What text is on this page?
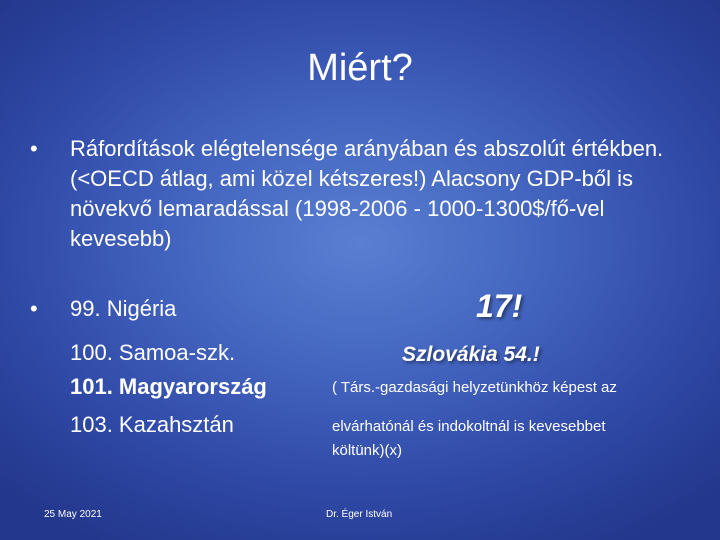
Miért?
•	Ráfordítások elégtelensége arányában és abszolút értékben. (<OECD átlag, ami közel kétszeres!) Alacsony GDP-ből is növekvő lemaradással (1998-2006 - 1000-1300$/fő-vel kevesebb)
•	99. Nigéria
100. Samoa-szk.
101. Magyarország
103. Kazahsztán
17!
Szlovákia 54.!
( Társ.-gazdasági helyzetünkhöz képest az
elvárhatónál és indokoltnál is kevesebbet
költünk)(x)
25 May 2021	Dr. Éger István
